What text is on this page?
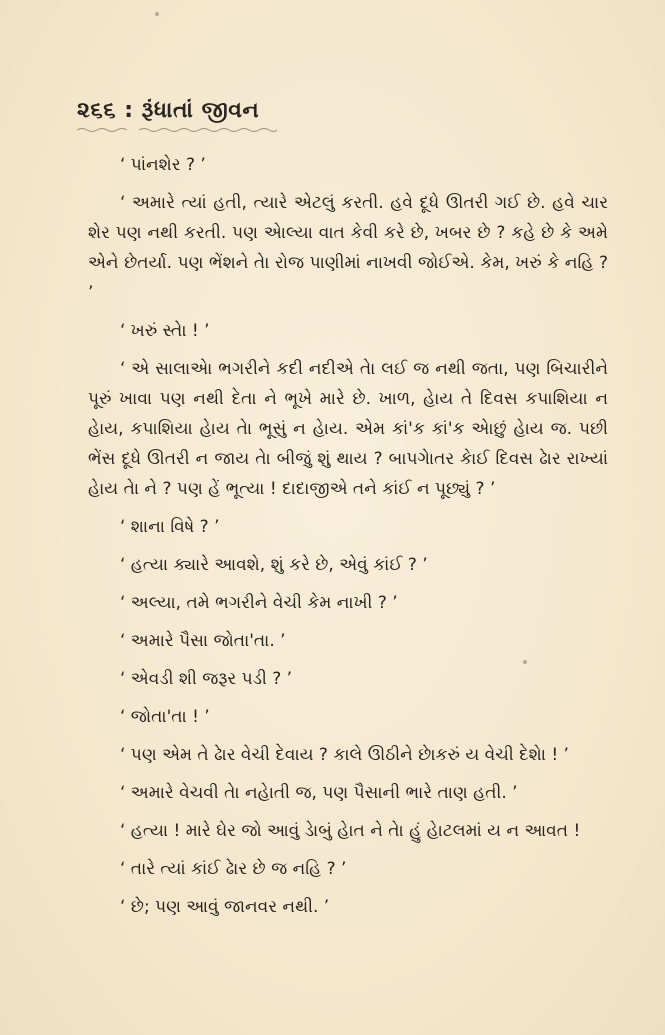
૨૬૬ : રૂંધાતાં જીવન

‘ પાંનશેર ? ’

‘ અમારે ત્યાં હતી, ત્યારે એટલું કરતી. હવે દૂધે ઊતરી ગઈ છે. હવે ચાર શેર પણ નથી કરતી. પણ એાલ્યા વાત કેવી કરે છે, ખબર છે ? કહે છે કે અમે એને છેતર્યા. પણ ભેંશને તેા રોજ પાણીમાં નાખવી જોઈએ. કેમ, ખરું કે નહિ ? ’

‘ ખરું સ્તેા ! ’

‘ એ સાલાએા ભગરીને કદી નદીએ તેા લઈ જ નથી જતા, પણ બિચારીને પૂરું ખાવા પણ નથી દેતા ને ભૂખે મારે છે. ખાળ, હેાય તે દિવસ કપાશિયા ન હેાય, કપાશિયા હેાય તેા ભૂસું ન હેાય. એમ કાં'ક કાં'ક એાછું હેાય જ. પછી ભેંસ દૂધે ઊતરી ન જાય તેા બીજું શું થાય ? બાપગાેતર કાેઈ દિવસ ઢાેર રાખ્યાં હેાય તેા ને ? પણ હેં ભૂત્યા ! દાદાજીએ તને કાંઈ ન પૂછ્યું ? ’

‘ શાના વિષે ? ’

‘ હત્યા ક્યારે આવશે, શું કરે છે, એવું કાંઈ ? ’

‘ અલ્યા, તમે ભગરીને વેચી કેમ નાખી ? ’

‘ અમારે પૈસા જોતા'તા. ’

‘ એવડી શી જરૂર પડી ? ’

‘ જોતા'તા ! ’

‘ પણ એમ તે ઢાેર વેચી દેવાય ? કાલે ઊઠીને છેાકરું ય વેચી દેશેા ! ’

‘ અમારે વેચવી તેા નહેાતી જ, પણ પૈસાની ભારે તાણ હતી. ’

‘ હત્યા ! મારે ઘેર જો આવું ડેાબું હેાત ને તેા હું હેાટલમાં ય ન આવત !

‘ તારે ત્યાં કાંઈ ઢાેર છે જ નહિ ? ’

‘ છે; પણ આવું જાનવર નથી. ’
